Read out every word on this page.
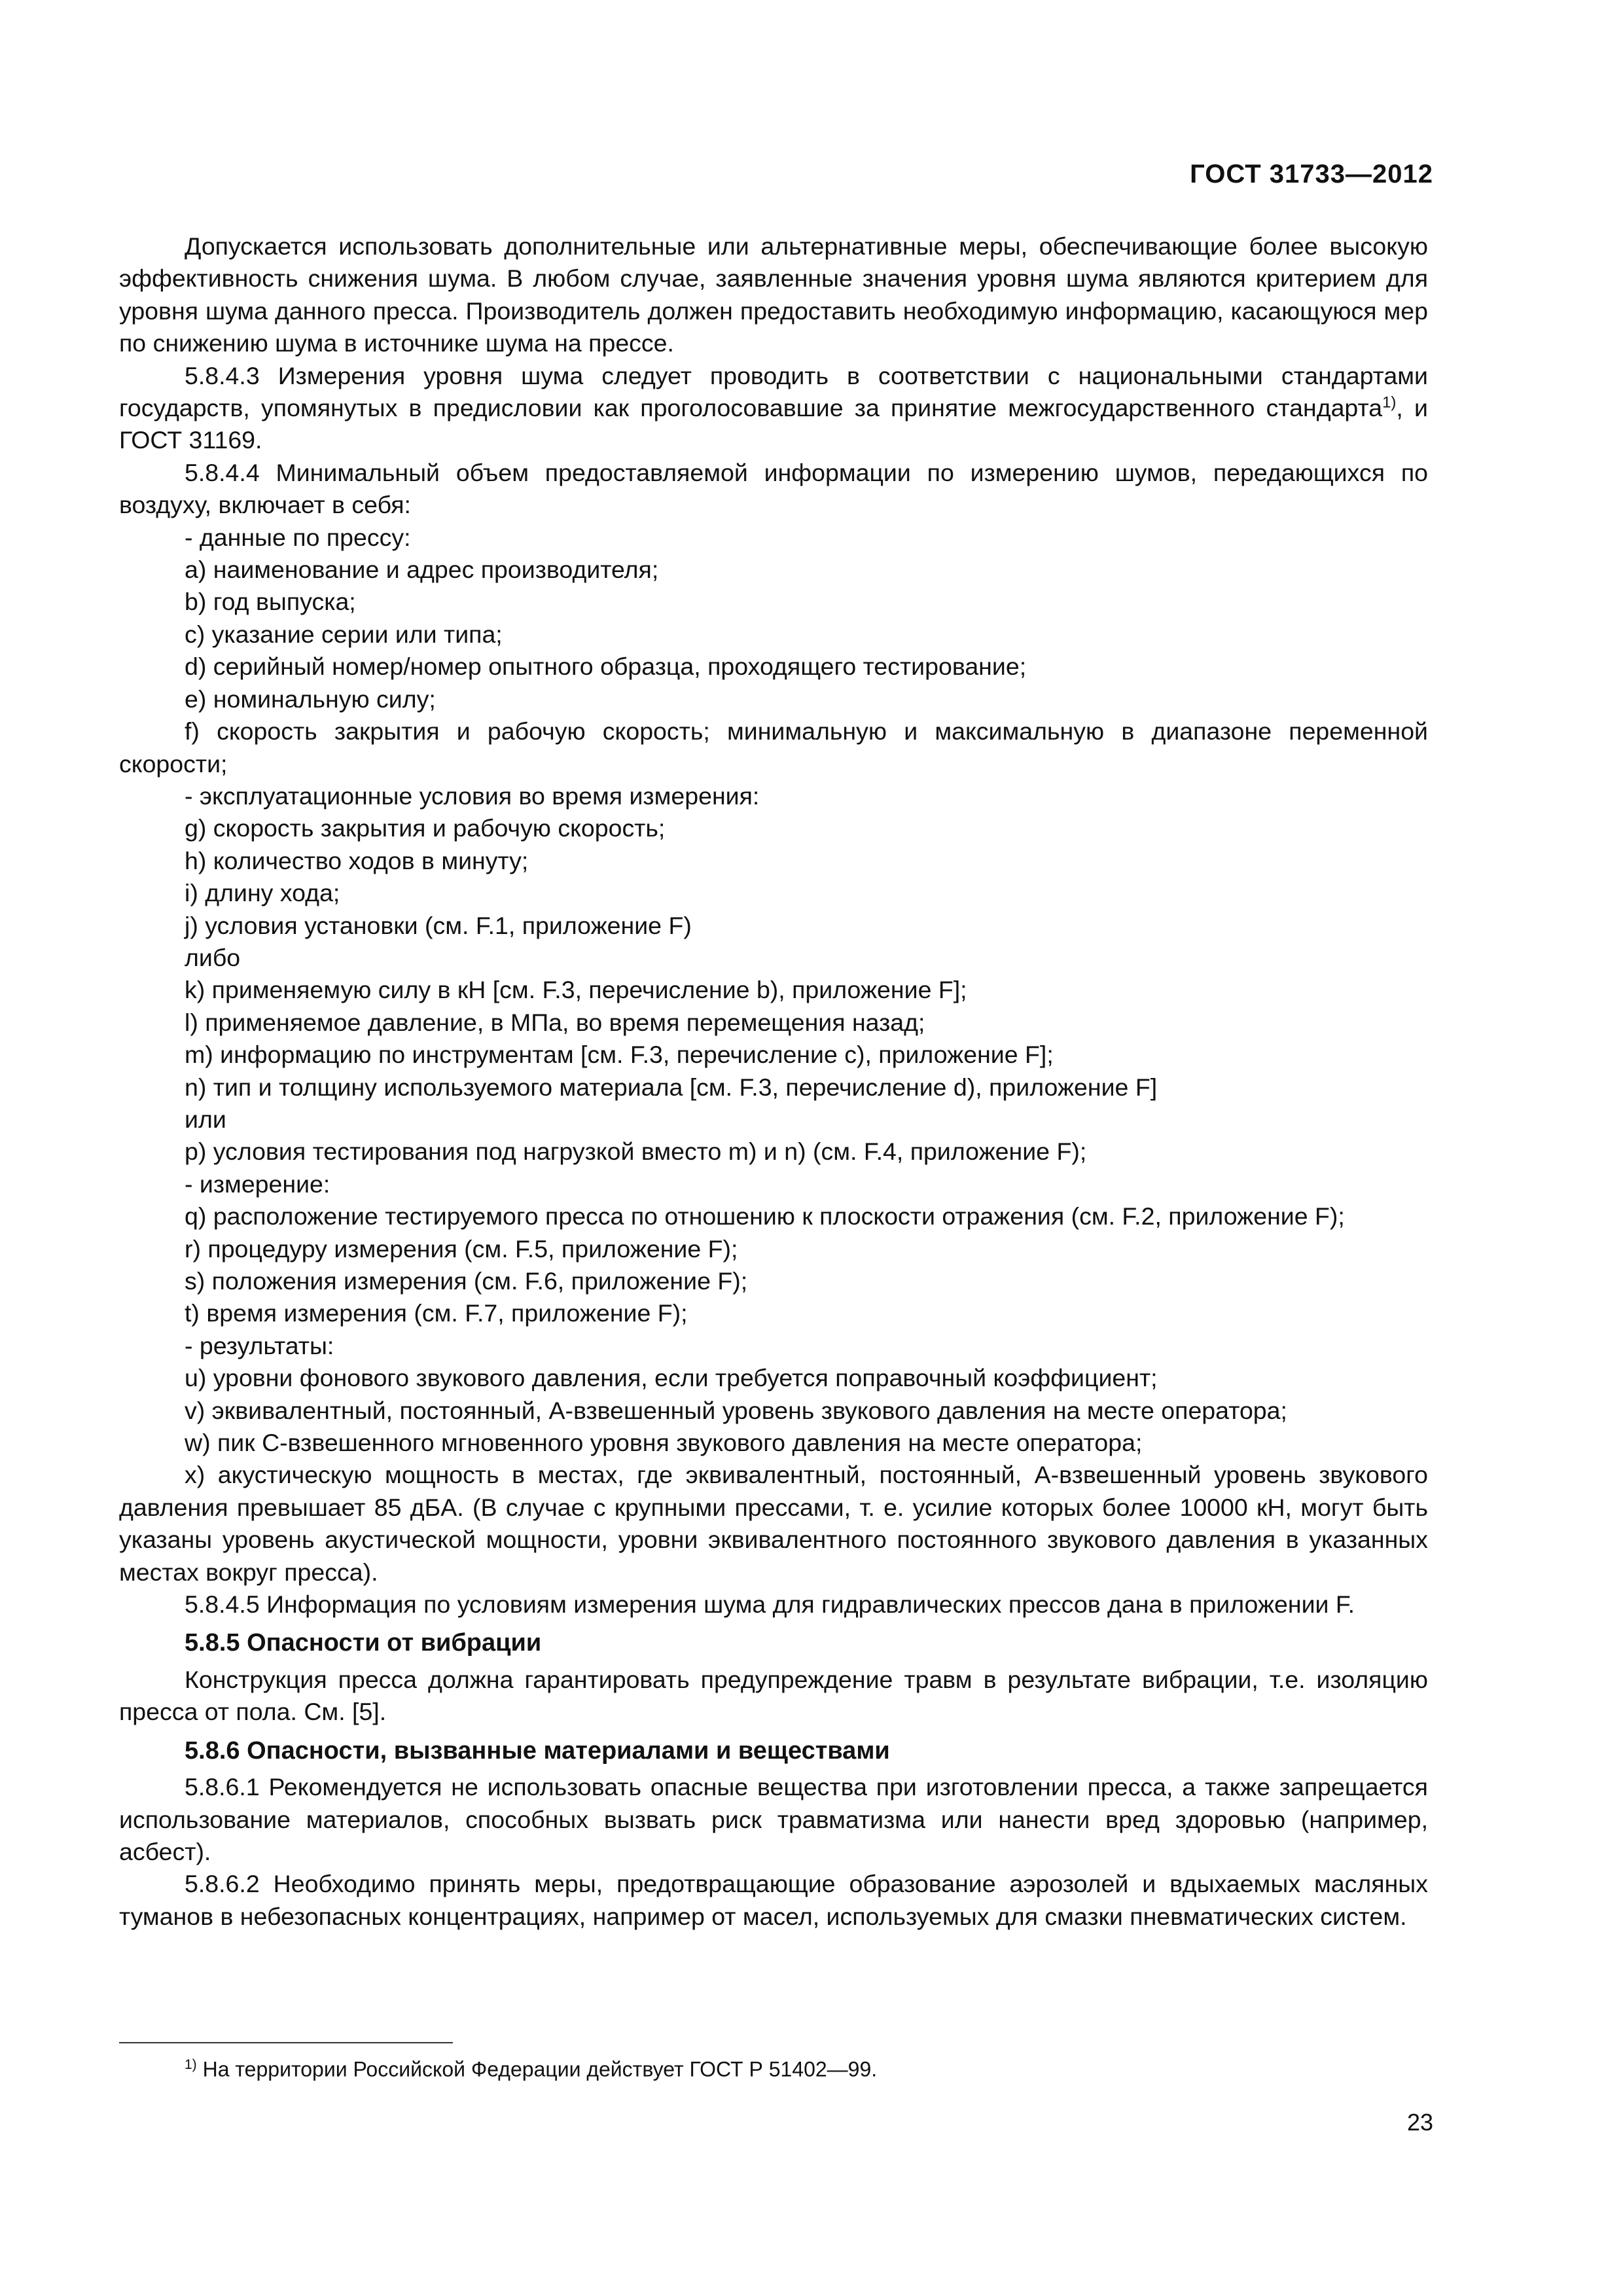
ГОСТ 31733—2012

Допускается использовать дополнительные или альтернативные меры, обеспечивающие более высокую эффективность снижения шума. В любом случае, заявленные значения уровня шума являются критерием для уровня шума данного пресса. Производитель должен предоставить необходимую информацию, касающуюся мер по снижению шума в источнике шума на прессе.

5.8.4.3 Измерения уровня шума следует проводить в соответствии с национальными стандартами государств, упомянутых в предисловии как проголосовавшие за принятие межгосударственного стандарта$^{1)}$, и ГОСТ 31169.

5.8.4.4 Минимальный объем предоставляемой информации по измерению шумов, передающихся по воздуху, включает в себя:

- данные по прессу:

a) наименование и адрес производителя;

b) год выпуска;

c) указание серии или типа;

d) серийный номер/номер опытного образца, проходящего тестирование;

e) номинальную силу;

f) скорость закрытия и рабочую скорость; минимальную и максимальную в диапазоне переменной скорости;

- эксплуатационные условия во время измерения:

g) скорость закрытия и рабочую скорость;

h) количество ходов в минуту;

i) длину хода;

j) условия установки (см. F.1, приложение F)

либо

k) применяемую силу в кН [см. F.3, перечисление b), приложение F];

l) применяемое давление, в МПа, во время перемещения назад;

m) информацию по инструментам [см. F.3, перечисление c), приложение F];

n) тип и толщину используемого материала [см. F.3, перечисление d), приложение F]

или

p) условия тестирования под нагрузкой вместо m) и n) (см. F.4, приложение F);

- измерение:

q) расположение тестируемого пресса по отношению к плоскости отражения (см. F.2, приложение F);

r) процедуру измерения (см. F.5, приложение F);

s) положения измерения (см. F.6, приложение F);

t) время измерения (см. F.7, приложение F);

- результаты:

u) уровни фонового звукового давления, если требуется поправочный коэффициент;

v) эквивалентный, постоянный, A-взвешенный уровень звукового давления на месте оператора;

w) пик C-взвешенного мгновенного уровня звукового давления на месте оператора;

x) акустическую мощность в местах, где эквивалентный, постоянный, A-взвешенный уровень звукового давления превышает 85 дБA. (В случае с крупными прессами, т. е. усилие которых более 10000 кН, могут быть указаны уровень акустической мощности, уровни эквивалентного постоянного звукового давления в указанных местах вокруг пресса).

5.8.4.5 Информация по условиям измерения шума для гидравлических прессов дана в приложении F.

5.8.5 Опасности от вибрации

Конструкция пресса должна гарантировать предупреждение травм в результате вибрации, т.е. изоляцию пресса от пола. См. [5].

5.8.6 Опасности, вызванные материалами и веществами

5.8.6.1 Рекомендуется не использовать опасные вещества при изготовлении пресса, а также запрещается использование материалов, способных вызвать риск травматизма или нанести вред здоровью (например, асбест).

5.8.6.2 Необходимо принять меры, предотвращающие образование аэрозолей и вдыхаемых масляных туманов в небезопасных концентрациях, например от масел, используемых для смазки пневматических систем.

$^{1)}$ На территории Российской Федерации действует ГОСТ Р 51402—99.
23
